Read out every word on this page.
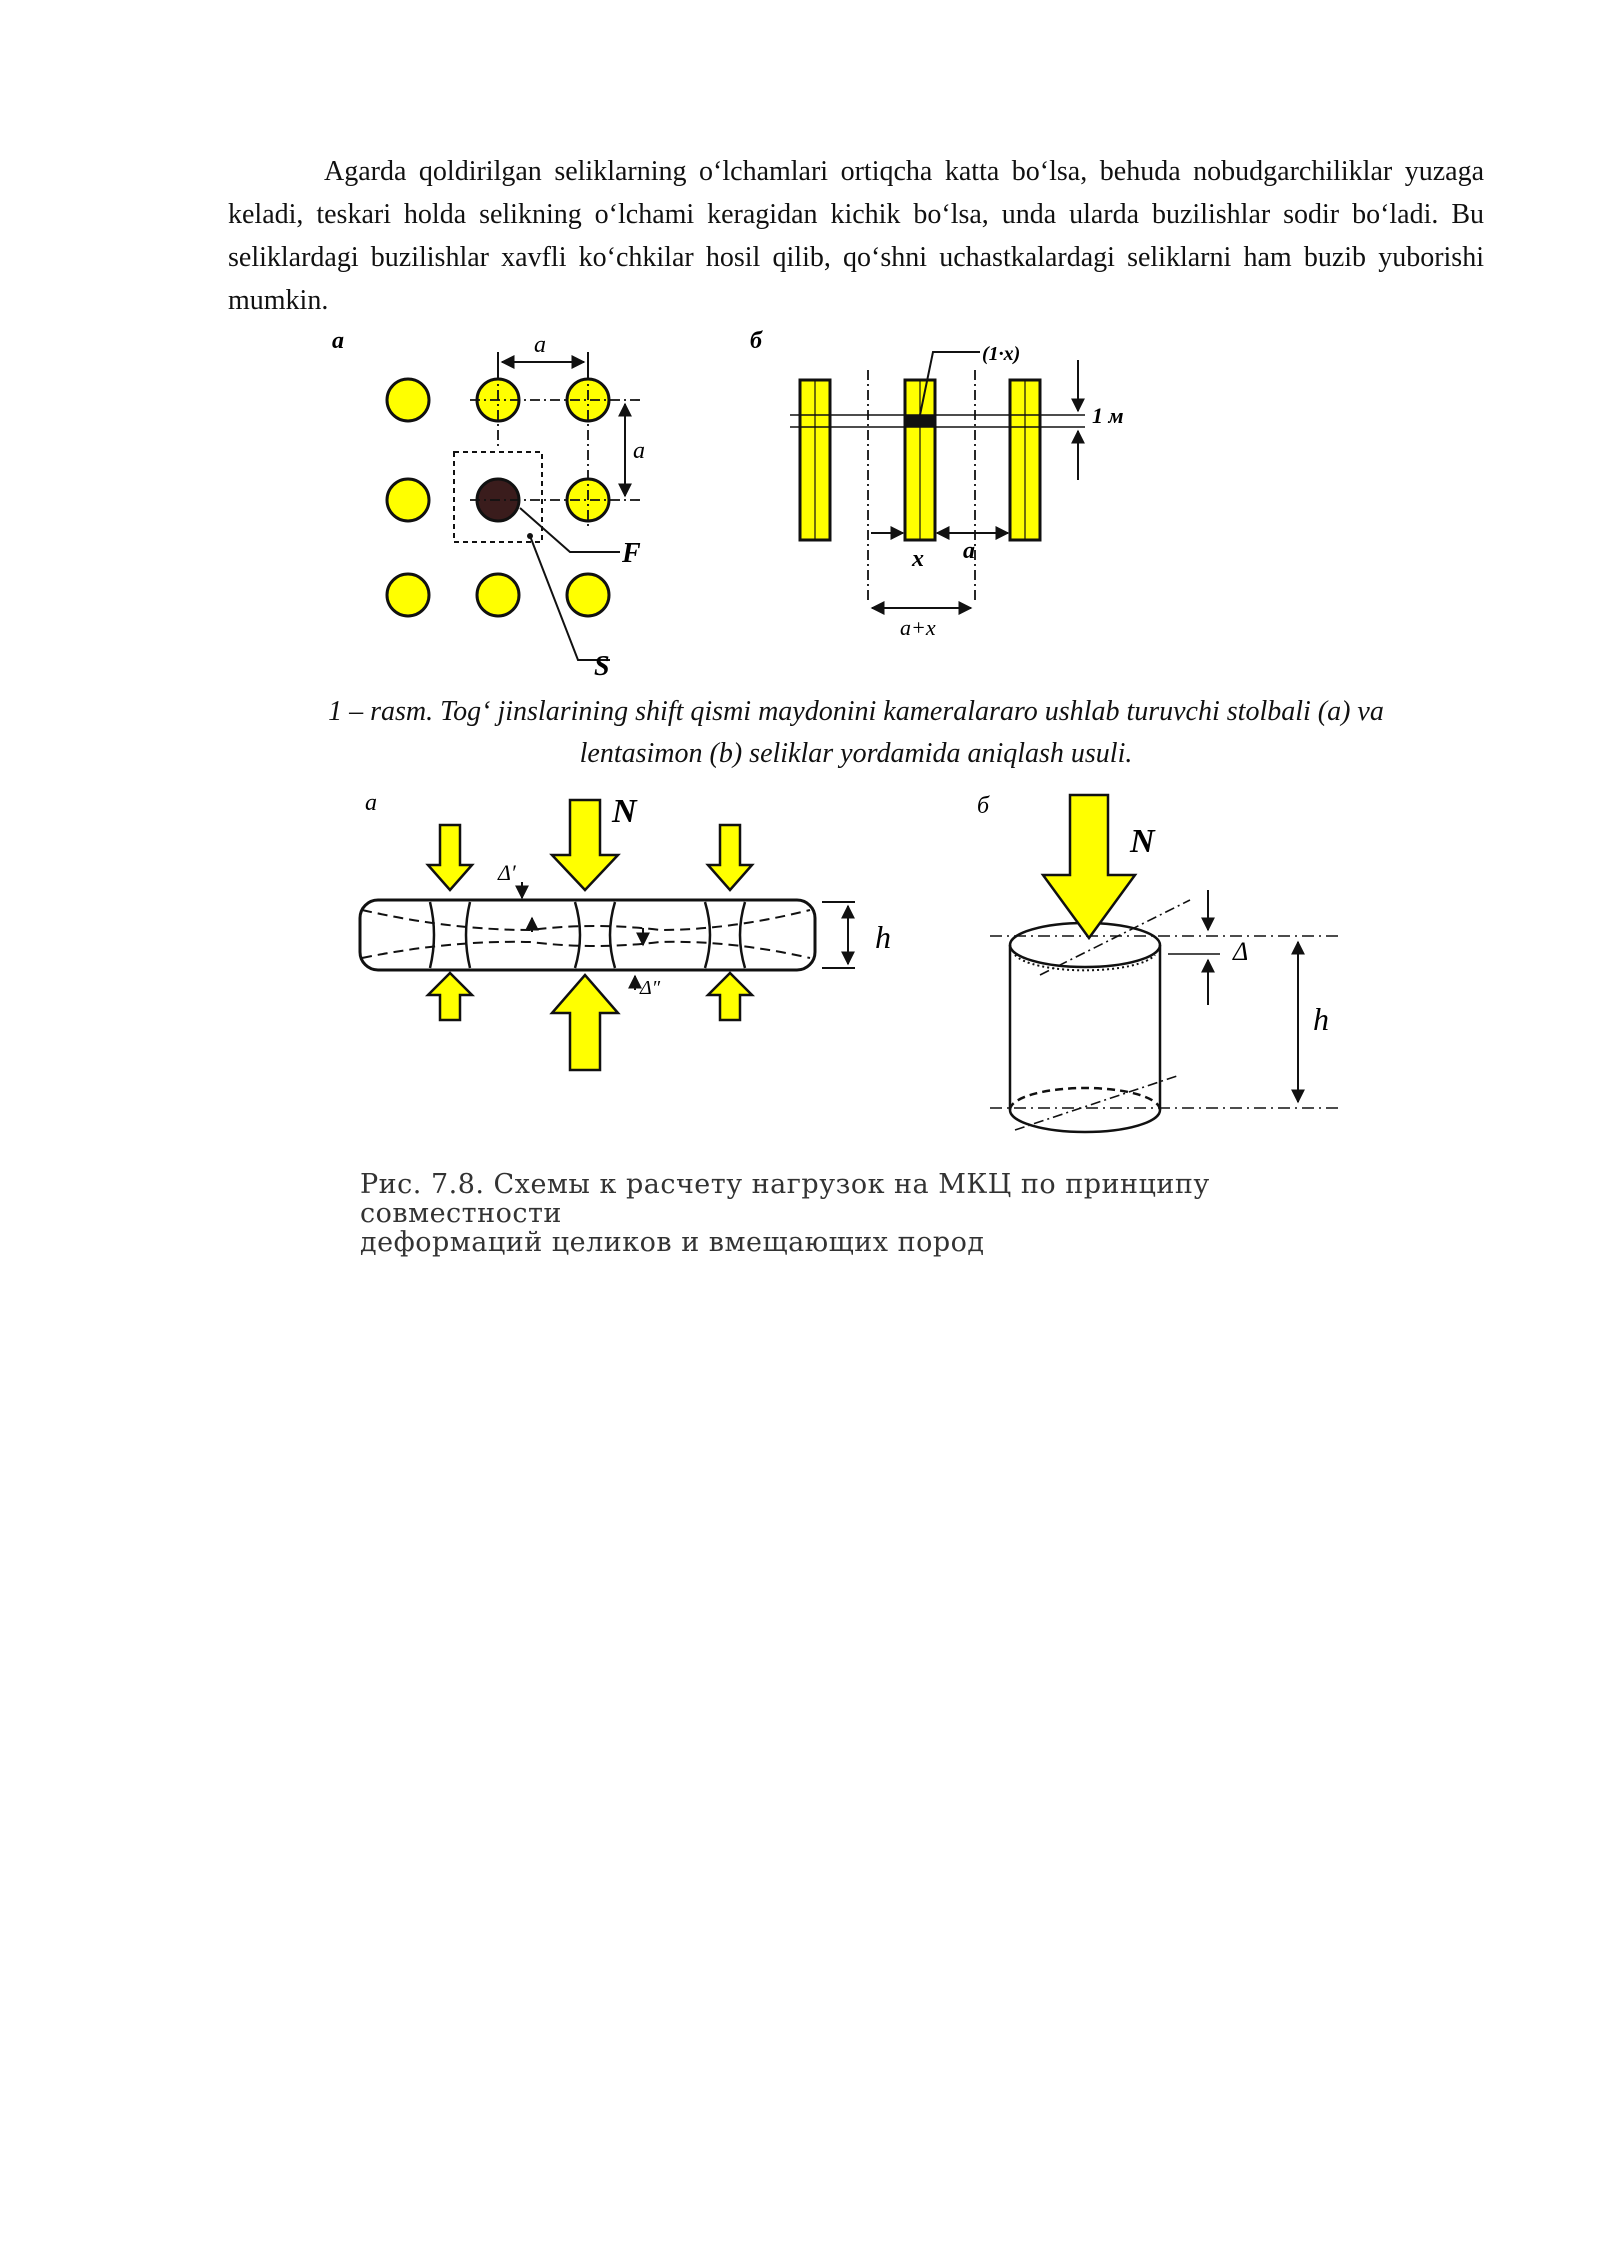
Agarda qoldirilgan seliklarning o‘lchamlari ortiqcha katta bo‘lsa, behuda nobudgarchiliklar yuzaga keladi, teskari holda selikning o‘lchami keragidan kichik bo‘lsa, unda ularda buzilishlar sodir bo‘ladi. Bu seliklardagi buzilishlar xavfli ko‘chkilar hosil qilib, qo‘shni uchastkalardagi seliklarni ham buzib yuborishi mumkin.

a	a
a
F
S
б	(1·x)
1 м
x a
a+x

1 – rasm. Tog‘ jinslarining shift qismi maydonini kameralararo ushlab turuvchi stolbali (a) va
lentasimon (b) seliklar yordamida aniqlash usuli.

a	N
Δ′
Δ″
h
б
N
Δ
h

Рис. 7.8. Схемы к расчету нагрузок на МКЦ по принципу совместности
деформаций целиков и вмещающих пород
